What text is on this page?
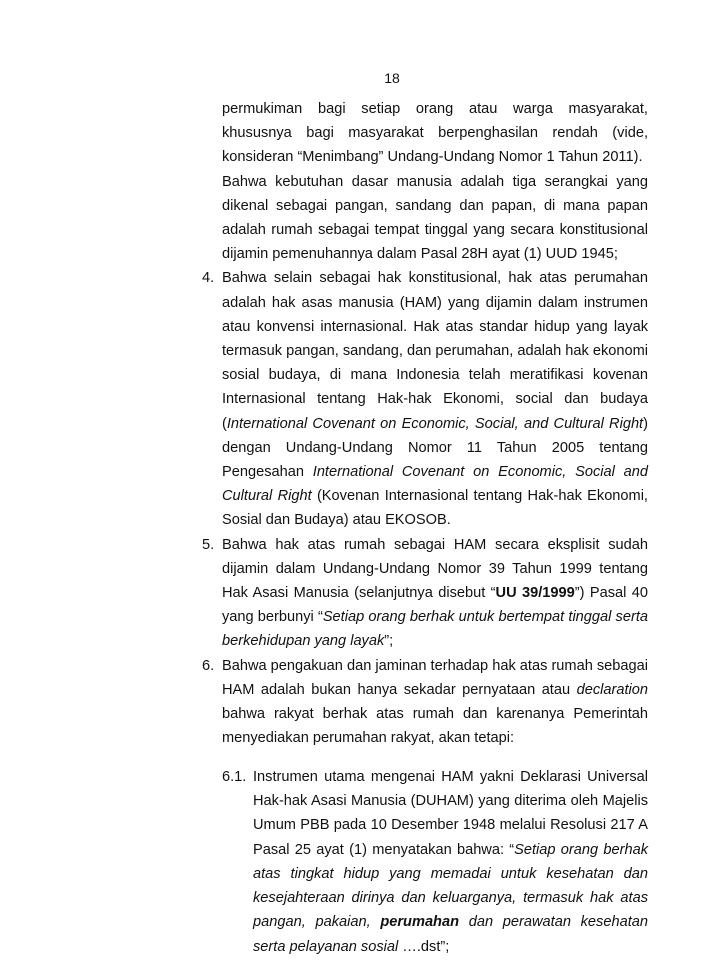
18

permukiman bagi setiap orang atau warga masyarakat, khususnya bagi masyarakat berpenghasilan rendah (vide, konsideran “Menimbang” Undang-Undang Nomor 1 Tahun 2011).

Bahwa kebutuhan dasar manusia adalah tiga serangkai yang dikenal sebagai pangan, sandang dan papan, di mana papan adalah rumah sebagai tempat tinggal yang secara konstitusional dijamin pemenuhannya dalam Pasal 28H ayat (1) UUD 1945;

4. Bahwa selain sebagai hak konstitusional, hak atas perumahan adalah hak asas manusia (HAM) yang dijamin dalam instrumen atau konvensi internasional. Hak atas standar hidup yang layak termasuk pangan, sandang, dan perumahan, adalah hak ekonomi sosial budaya, di mana Indonesia telah meratifikasi kovenan Internasional tentang Hak-hak Ekonomi, social dan budaya (International Covenant on Economic, Social, and Cultural Right) dengan Undang-Undang Nomor 11 Tahun 2005 tentang Pengesahan International Covenant on Economic, Social and Cultural Right (Kovenan Internasional tentang Hak-hak Ekonomi, Sosial dan Budaya) atau EKOSOB.

5. Bahwa hak atas rumah sebagai HAM secara eksplisit sudah dijamin dalam Undang-Undang Nomor 39 Tahun 1999 tentang Hak Asasi Manusia (selanjutnya disebut “UU 39/1999”) Pasal 40 yang berbunyi “Setiap orang berhak untuk bertempat tinggal serta berkehidupan yang layak”;

6. Bahwa pengakuan dan jaminan terhadap hak atas rumah sebagai HAM adalah bukan hanya sekadar pernyataan atau declaration bahwa rakyat berhak atas rumah dan karenanya Pemerintah menyediakan perumahan rakyat, akan tetapi:

6.1. Instrumen utama mengenai HAM yakni Deklarasi Universal Hak-hak Asasi Manusia (DUHAM) yang diterima oleh Majelis Umum PBB pada 10 Desember 1948 melalui Resolusi 217 A Pasal 25 ayat (1) menyatakan bahwa: “Setiap orang berhak atas tingkat hidup yang memadai untuk kesehatan dan kesejahteraan dirinya dan keluarganya, termasuk hak atas pangan, pakaian, perumahan dan perawatan kesehatan serta pelayanan sosial ….dst”;
